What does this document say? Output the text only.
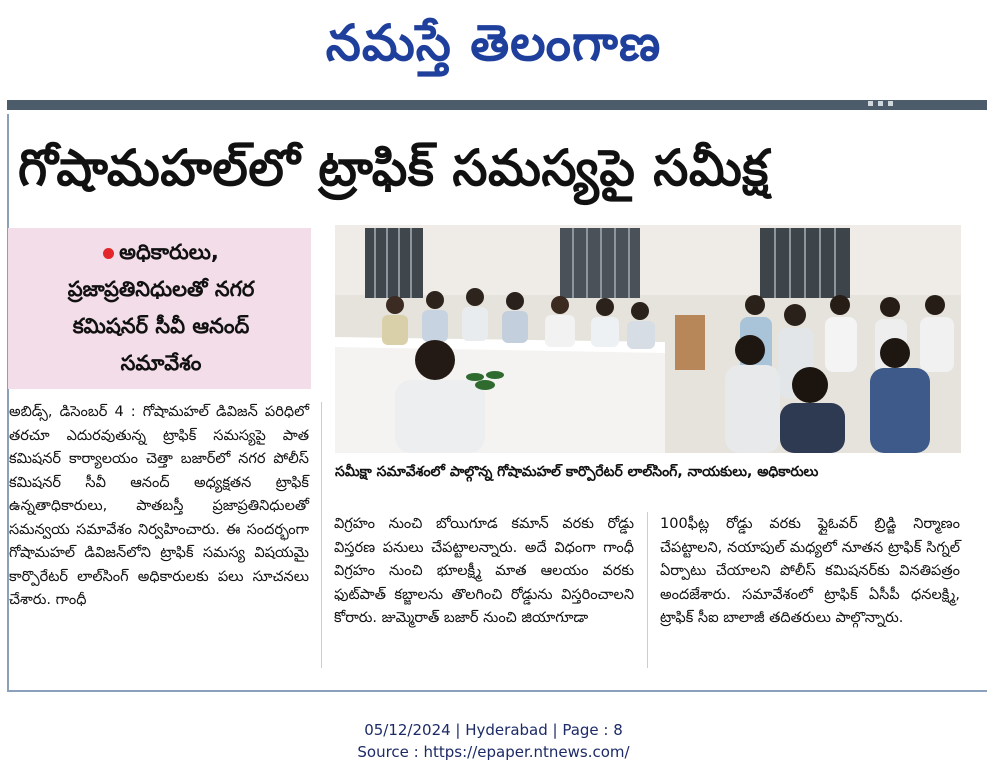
నమస్తే తెలంగాణ
గోషామహల్‌లో ట్రాఫిక్ సమస్యపై సమీక్ష
అధికారులు,
ప్రజాప్రతినిధులతో నగర
కమిషనర్ సీవీ ఆనంద్
సమావేశం
సమీక్షా సమావేశంలో పాల్గొన్న గోషామహల్ కార్పొరేటర్ లాల్‌సింగ్, నాయకులు, అధికారులు

అబిడ్స్, డిసెంబర్ 4 : గోషామహల్ డివిజన్ పరిధిలో తరచూ ఎదురవుతున్న ట్రాఫిక్ సమస్యపై పాత కమిషనర్ కార్యాలయం చెత్తా బజార్‌లో నగర పోలీస్ కమిషనర్ సీవీ ఆనంద్ అధ్యక్షతన ట్రాఫిక్ ఉన్నతాధికారులు, పాతబస్తీ ప్రజాప్రతినిధులతో సమన్వయ సమావేశం నిర్వహించారు. ఈ సందర్భంగా గోషామహల్ డివిజన్‌లోని ట్రాఫిక్ సమస్య విషయమై కార్పొరేటర్ లాల్‌సింగ్ అధికారులకు పలు సూచనలు చేశారు. గాంధీ

విగ్రహం నుంచి బోయిగూడ కమాన్ వరకు రోడ్డు విస్తరణ పనులు చేపట్టాలన్నారు. అదే విధంగా గాంధీ విగ్రహం నుంచి భూలక్ష్మీ మాత ఆలయం వరకు ఫుట్‌పాత్ కబ్జాలను తొలగించి రోడ్డును విస్తరించాలని కోరారు. జుమ్మెరాత్ బజార్ నుంచి జియాగూడా

100ఫీట్ల రోడ్డు వరకు ఫ్లైఓవర్ బ్రిడ్జి నిర్మాణం చేపట్టాలని, నయాపుల్ మధ్యలో నూతన ట్రాఫిక్ సిగ్నల్ ఏర్పాటు చేయాలని పోలీస్ కమిషనర్‌కు వినతిపత్రం అందజేశారు. సమావేశంలో ట్రాఫిక్ ఏసీపీ ధనలక్ష్మి, ట్రాఫిక్ సీఐ బాలాజీ తదితరులు పాల్గొన్నారు.

05/12/2024 | Hyderabad | Page : 8
Source : https://epaper.ntnews.com/
